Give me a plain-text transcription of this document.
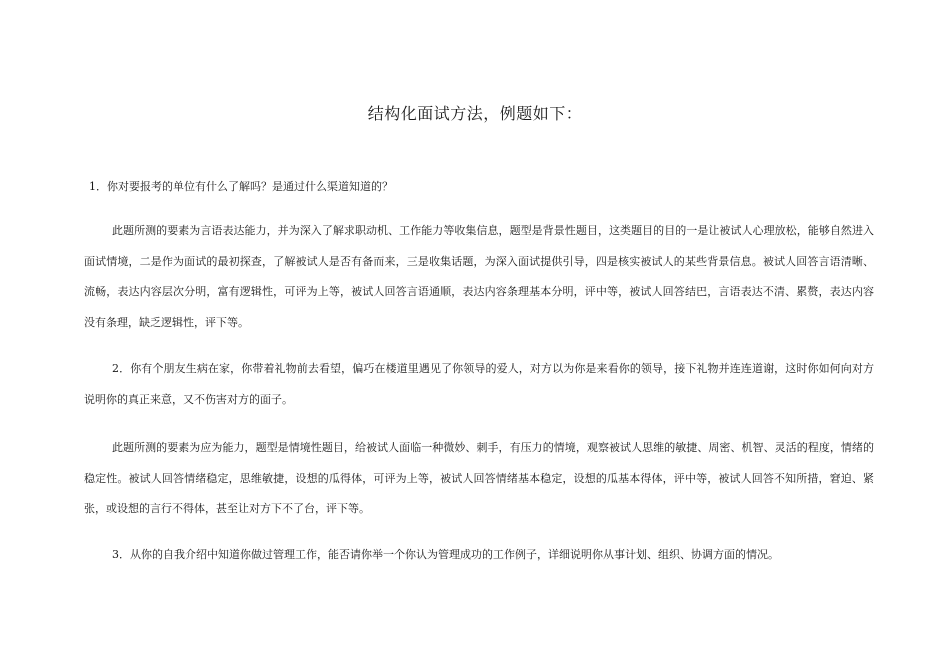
结构化面试方法，例题如下：
1．你对要报考的单位有什么了解吗？是通过什么渠道知道的？
此题所测的要素为言语表达能力，并为深入了解求职动机、工作能力等收集信息，题型是背景性题目，这类题目的目的一是让被试人心理放松，能够自然进入面试情境，二是作为面试的最初探查，了解被试人是否有备而来，三是收集话题，为深入面试提供引导，四是核实被试人的某些背景信息。被试人回答言语清晰、流畅，表达内容层次分明，富有逻辑性，可评为上等，被试人回答言语通顺，表达内容条理基本分明，评中等，被试人回答结巴，言语表达不清、累赘，表达内容没有条理，缺乏逻辑性，评下等。
2．你有个朋友生病在家，你带着礼物前去看望，偏巧在楼道里遇见了你领导的爱人，对方以为你是来看你的领导，接下礼物并连连道谢，这时你如何向对方说明你的真正来意，又不伤害对方的面子。
此题所测的要素为应为能力，题型是情境性题目，给被试人面临一种微妙、刺手，有压力的情境，观察被试人思维的敏捷、周密、机智、灵活的程度，情绪的稳定性。被试人回答情绪稳定，思维敏捷，设想的瓜得体，可评为上等，被试人回答情绪基本稳定，设想的瓜基本得体，评中等，被试人回答不知所措，窘迫、紧张，或设想的言行不得体，甚至让对方下不了台，评下等。
3．从你的自我介绍中知道你做过管理工作，能否请你举一个你认为管理成功的工作例子，详细说明你从事计划、组织、协调方面的情况。
